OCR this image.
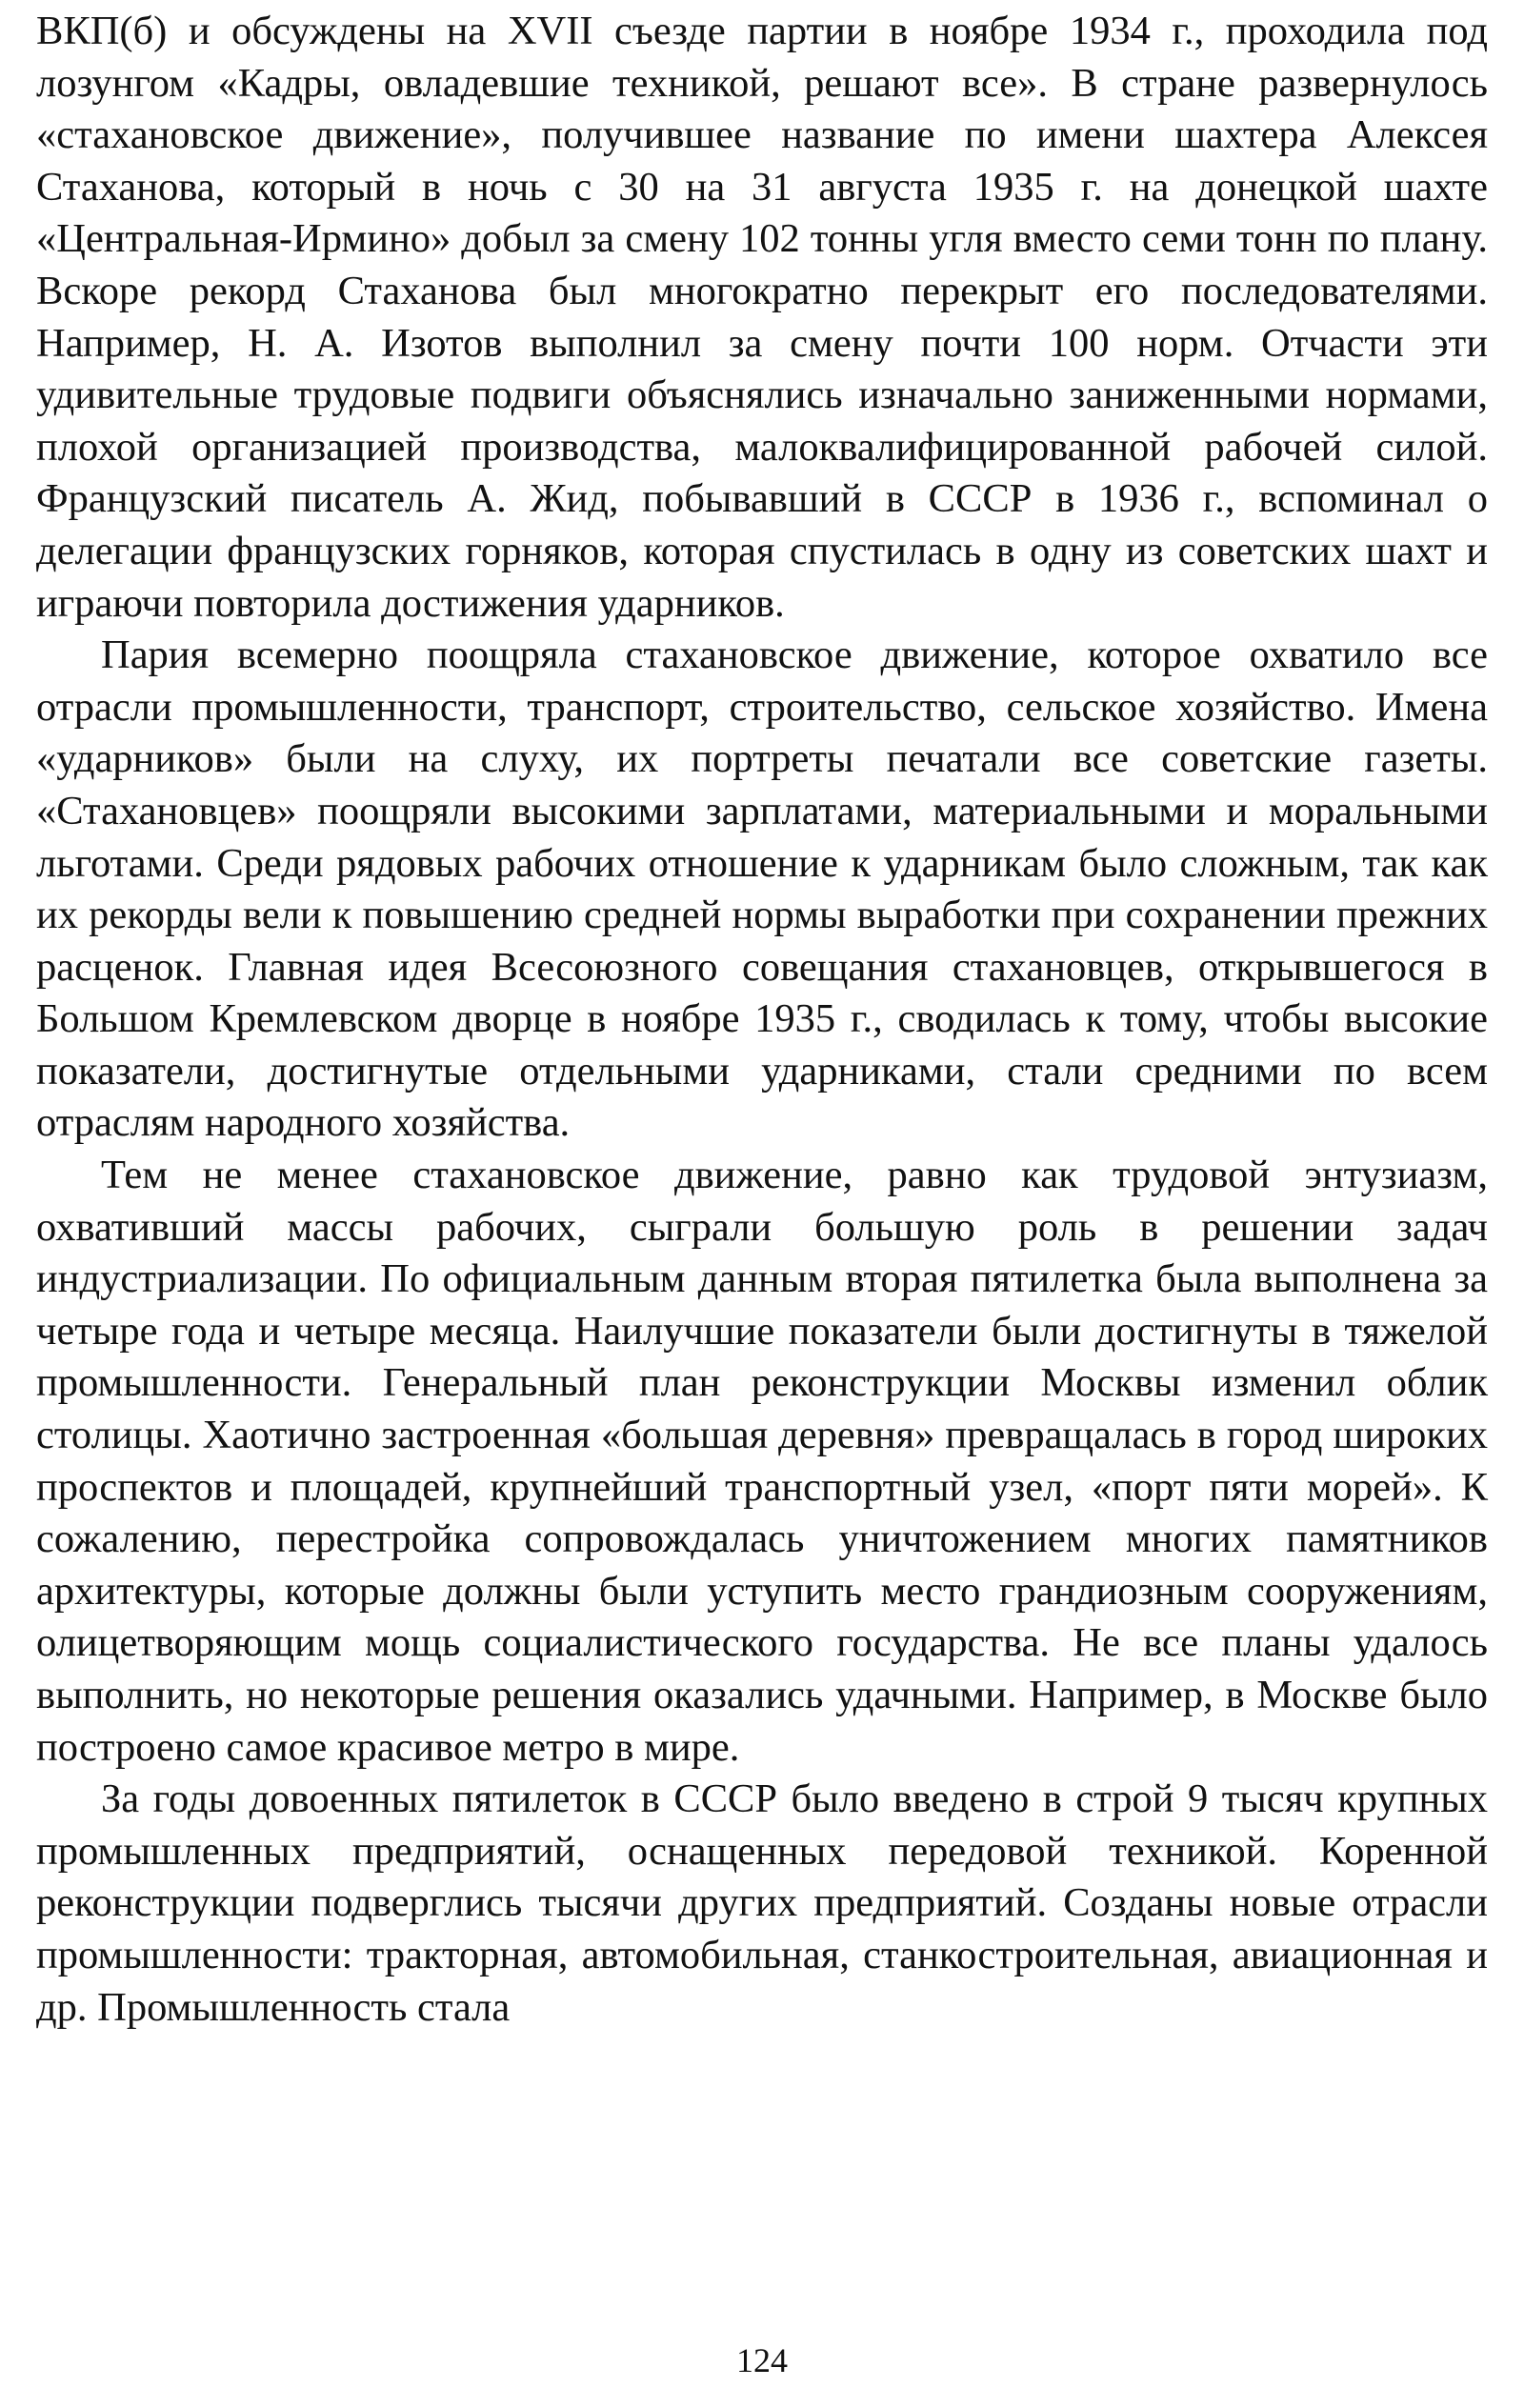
ВКП(б) и обсуждены на XVII съезде партии в ноябре 1934 г., проходила под лозунгом «Кадры, овладевшие техникой, решают все». В стране развернулось «стахановское движение», получившее название по имени шахтера Алексея Стаханова, который в ночь с 30 на 31 августа 1935 г. на донецкой шахте «Центральная-Ирмино» добыл за смену 102 тонны угля вместо семи тонн по плану. Вскоре рекорд Стаханова был многократно перекрыт его последователями. Например, Н. А. Изотов выполнил за смену почти 100 норм. Отчасти эти удивительные трудовые подвиги объяснялись изначально заниженными нормами, плохой организацией производства, малоквалифицированной рабочей силой. Французский писатель А. Жид, побывавший в СССР в 1936 г., вспоминал о делегации французских горняков, которая спустилась в одну из советских шахт и играючи повторила достижения ударников.

Пария всемерно поощряла стахановское движение, которое охватило все отрасли промышленности, транспорт, строительство, сельское хозяйство. Имена «ударников» были на слуху, их портреты печатали все советские газеты. «Стахановцев» поощряли высокими зарплатами, материальными и моральными льготами. Среди рядовых рабочих отношение к ударникам было сложным, так как их рекорды вели к повышению средней нормы выработки при сохранении прежних расценок. Главная идея Всесоюзного совещания стахановцев, открывшегося в Большом Кремлевском дворце в ноябре 1935 г., сводилась к тому, чтобы высокие показатели, достигнутые отдельными ударниками, стали средними по всем отраслям народного хозяйства.

Тем не менее стахановское движение, равно как трудовой энтузиазм, охвативший массы рабочих, сыграли большую роль в решении задач индустриализации. По официальным данным вторая пятилетка была выполнена за четыре года и четыре месяца. Наилучшие показатели были достигнуты в тяжелой промышленности. Генеральный план реконструкции Москвы изменил облик столицы. Хаотично застроенная «большая деревня» превращалась в город широких проспектов и площадей, крупнейший транспортный узел, «порт пяти морей». К сожалению, перестройка сопровождалась уничтожением многих памятников архитектуры, которые должны были уступить место грандиозным сооружениям, олицетворяющим мощь социалистического государства. Не все планы удалось выполнить, но некоторые решения оказались удачными. Например, в Москве было построено самое красивое метро в мире.

За годы довоенных пятилеток в СССР было введено в строй 9 тысяч крупных промышленных предприятий, оснащенных передовой техникой. Коренной реконструкции подверглись тысячи других предприятий. Созданы новые отрасли промышленности: тракторная, автомобильная, станкостроительная, авиационная и др. Промышленность стала

124
